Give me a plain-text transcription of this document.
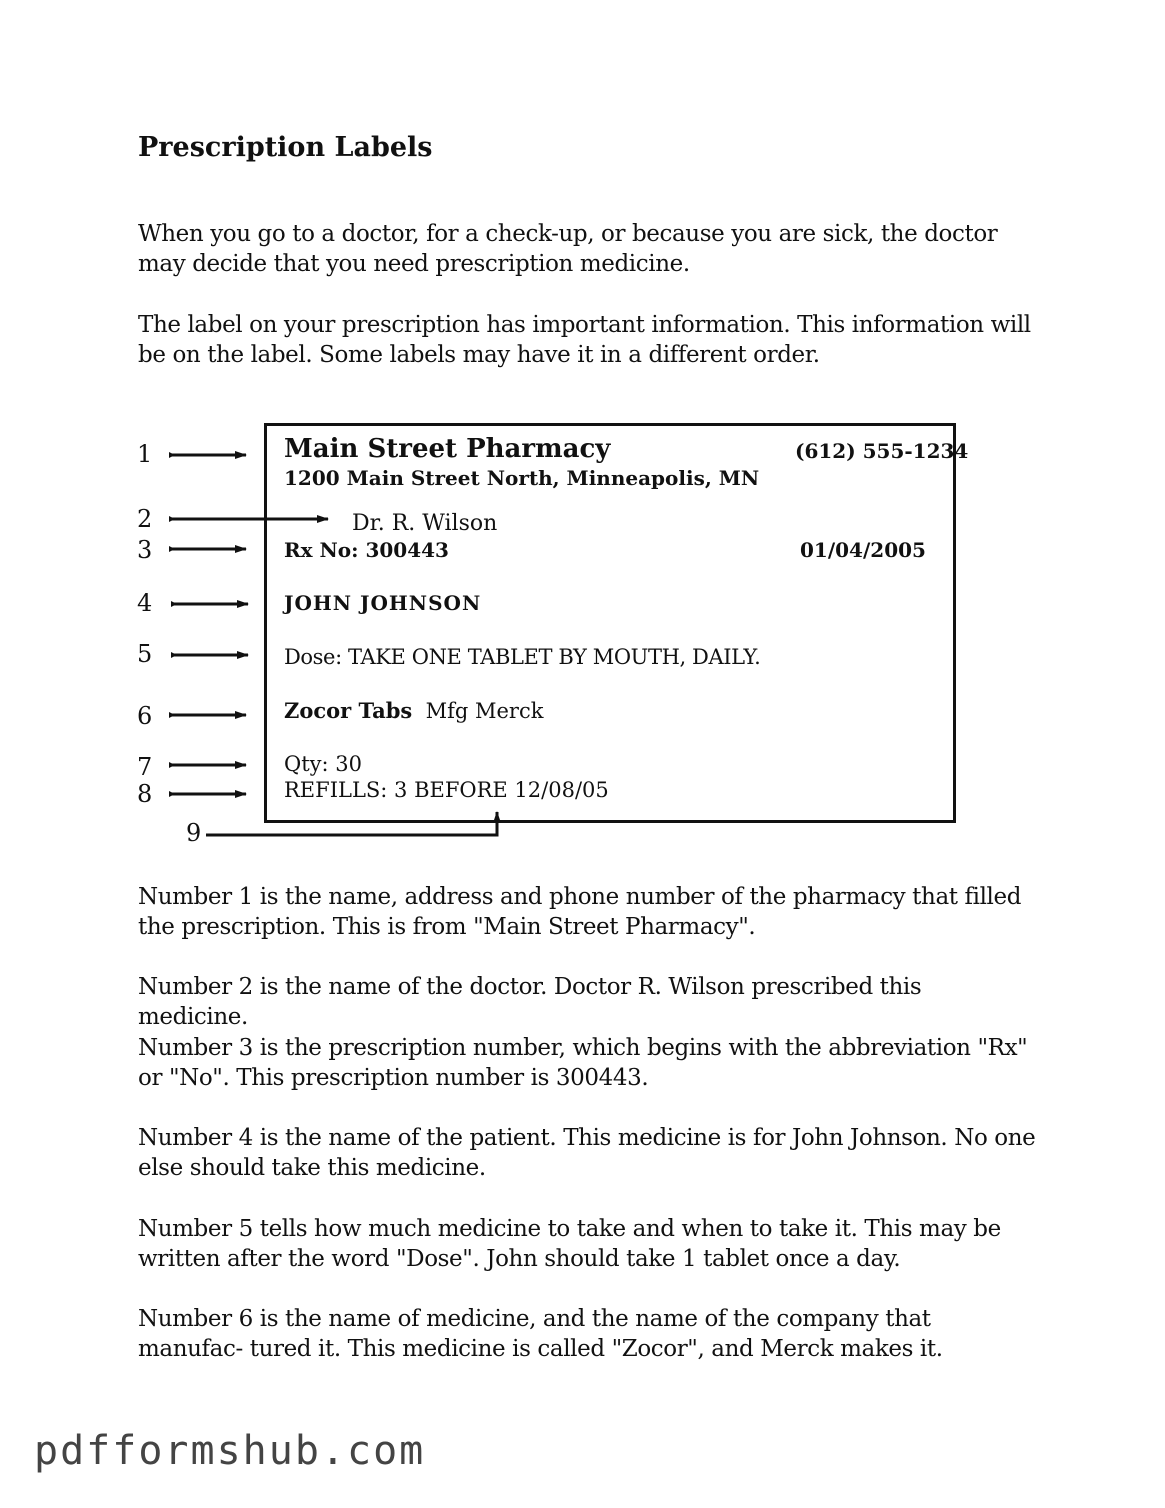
Prescription Labels

When you go to a doctor, for a check-up, or because you are sick, the doctor may decide that you need prescription medicine.

The label on your prescription has important information. This information will be on the label. Some labels may have it in a different order.

Main Street Pharmacy	(612) 555-1234
1200 Main Street North, Minneapolis, MN
Dr. R. Wilson
Rx No: 300443	01/04/2005
JOHN JOHNSON
Dose: TAKE ONE TABLET BY MOUTH, DAILY.
Zocor Tabs Mfg Merck
Qty: 30
REFILLS: 3 BEFORE 12/08/05
1
2
3
4
5
6
7
8
9

Number 1 is the name, address and phone number of the pharmacy that filled the prescription. This is from "Main Street Pharmacy".

Number 2 is the name of the doctor. Doctor R. Wilson prescribed this medicine.

Number 3 is the prescription number, which begins with the abbreviation "Rx" or "No". This prescription number is 300443.

Number 4 is the name of the patient. This medicine is for John Johnson. No one else should take this medicine.

Number 5 tells how much medicine to take and when to take it. This may be written after the word "Dose". John should take 1 tablet once a day.

Number 6 is the name of medicine, and the name of the company that manufac- tured it. This medicine is called "Zocor", and Merck makes it.

pdfformshub.com
